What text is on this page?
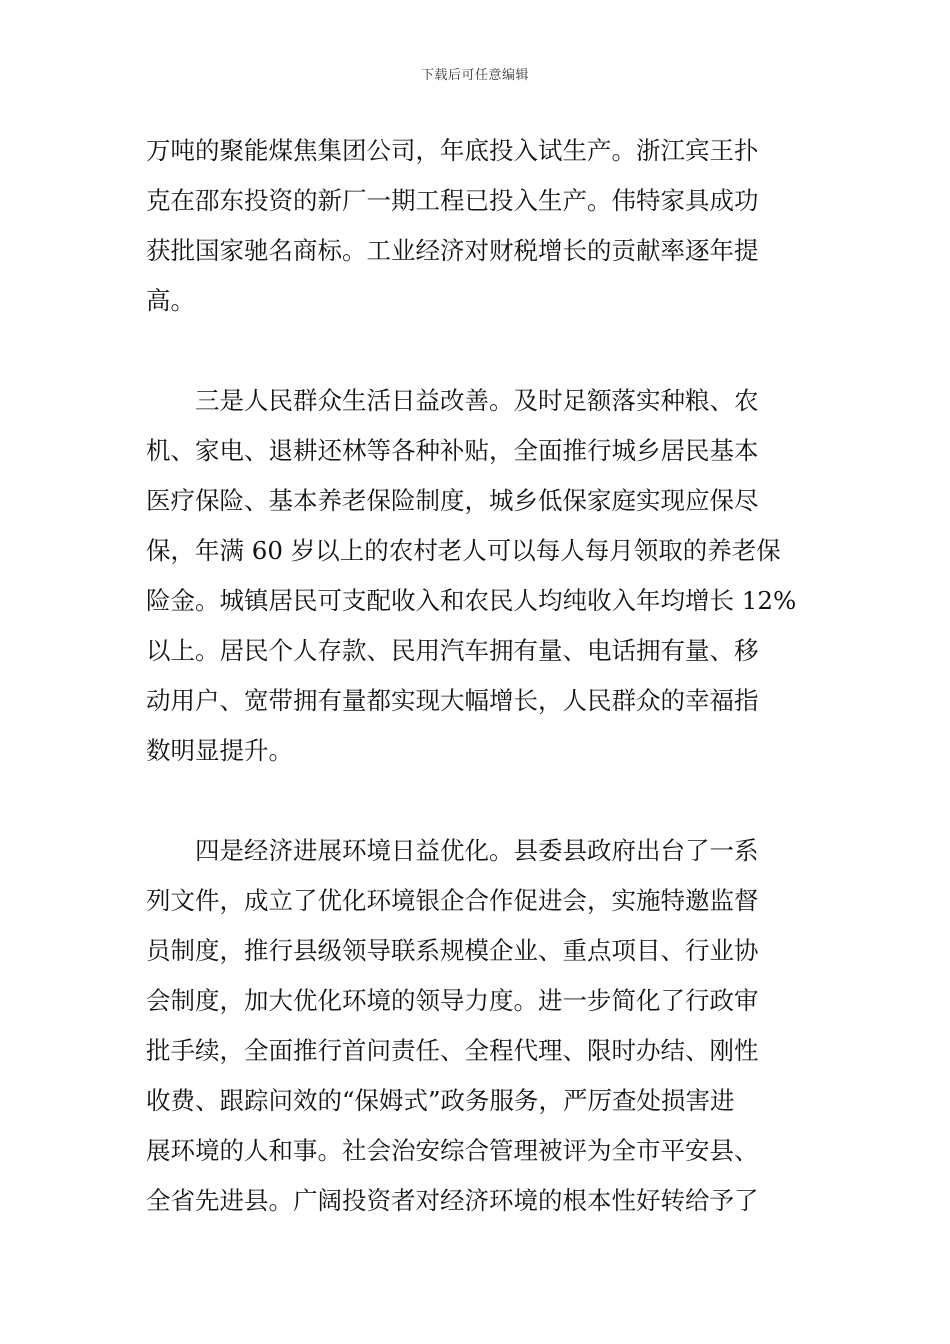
下载后可任意编辑
万吨的聚能煤焦集团公司，年底投入试生产。浙江宾王扑
克在邵东投资的新厂一期工程已投入生产。伟特家具成功
获批国家驰名商标。工业经济对财税增长的贡献率逐年提
高。
　　三是人民群众生活日益改善。及时足额落实种粮、农
机、家电、退耕还林等各种补贴，全面推行城乡居民基本
医疗保险、基本养老保险制度，城乡低保家庭实现应保尽
保，年满 60 岁以上的农村老人可以每人每月领取的养老保
险金。城镇居民可支配收入和农民人均纯收入年均增长 12%
以上。居民个人存款、民用汽车拥有量、电话拥有量、移
动用户、宽带拥有量都实现大幅增长，人民群众的幸福指
数明显提升。
　　四是经济进展环境日益优化。县委县政府出台了一系
列文件，成立了优化环境银企合作促进会，实施特邀监督
员制度，推行县级领导联系规模企业、重点项目、行业协
会制度，加大优化环境的领导力度。进一步简化了行政审
批手续，全面推行首问责任、全程代理、限时办结、刚性
收费、跟踪问效的“保姆式”政务服务，严厉查处损害进
展环境的人和事。社会治安综合管理被评为全市平安县、
全省先进县。广阔投资者对经济环境的根本性好转给予了
